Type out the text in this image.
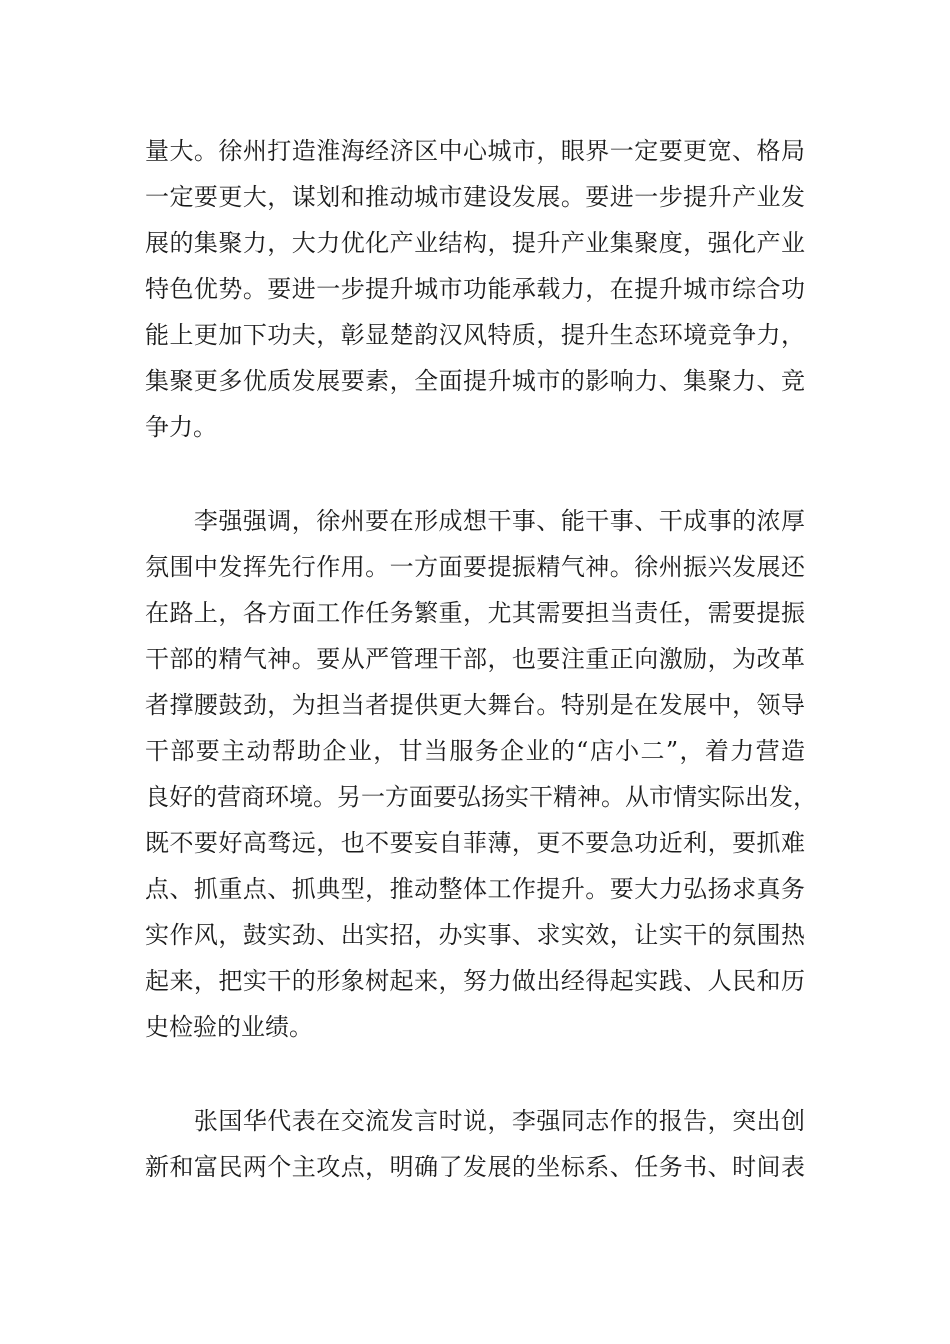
量大。徐州打造淮海经济区中心城市，眼界一定要更宽、格局
一定要更大，谋划和推动城市建设发展。要进一步提升产业发
展的集聚力，大力优化产业结构，提升产业集聚度，强化产业
特色优势。要进一步提升城市功能承载力，在提升城市综合功
能上更加下功夫，彰显楚韵汉风特质，提升生态环境竞争力，
集聚更多优质发展要素，全面提升城市的影响力、集聚力、竞
争力。
　　李强强调，徐州要在形成想干事、能干事、干成事的浓厚
氛围中发挥先行作用。一方面要提振精气神。徐州振兴发展还
在路上，各方面工作任务繁重，尤其需要担当责任，需要提振
干部的精气神。要从严管理干部，也要注重正向激励，为改革
者撑腰鼓劲，为担当者提供更大舞台。特别是在发展中，领导
干部要主动帮助企业，甘当服务企业的“店小二”，着力营造
良好的营商环境。另一方面要弘扬实干精神。从市情实际出发，
既不要好高骛远，也不要妄自菲薄，更不要急功近利，要抓难
点、抓重点、抓典型，推动整体工作提升。要大力弘扬求真务
实作风，鼓实劲、出实招，办实事、求实效，让实干的氛围热
起来，把实干的形象树起来，努力做出经得起实践、人民和历
史检验的业绩。
　　张国华代表在交流发言时说，李强同志作的报告，突出创
新和富民两个主攻点，明确了发展的坐标系、任务书、时间表
